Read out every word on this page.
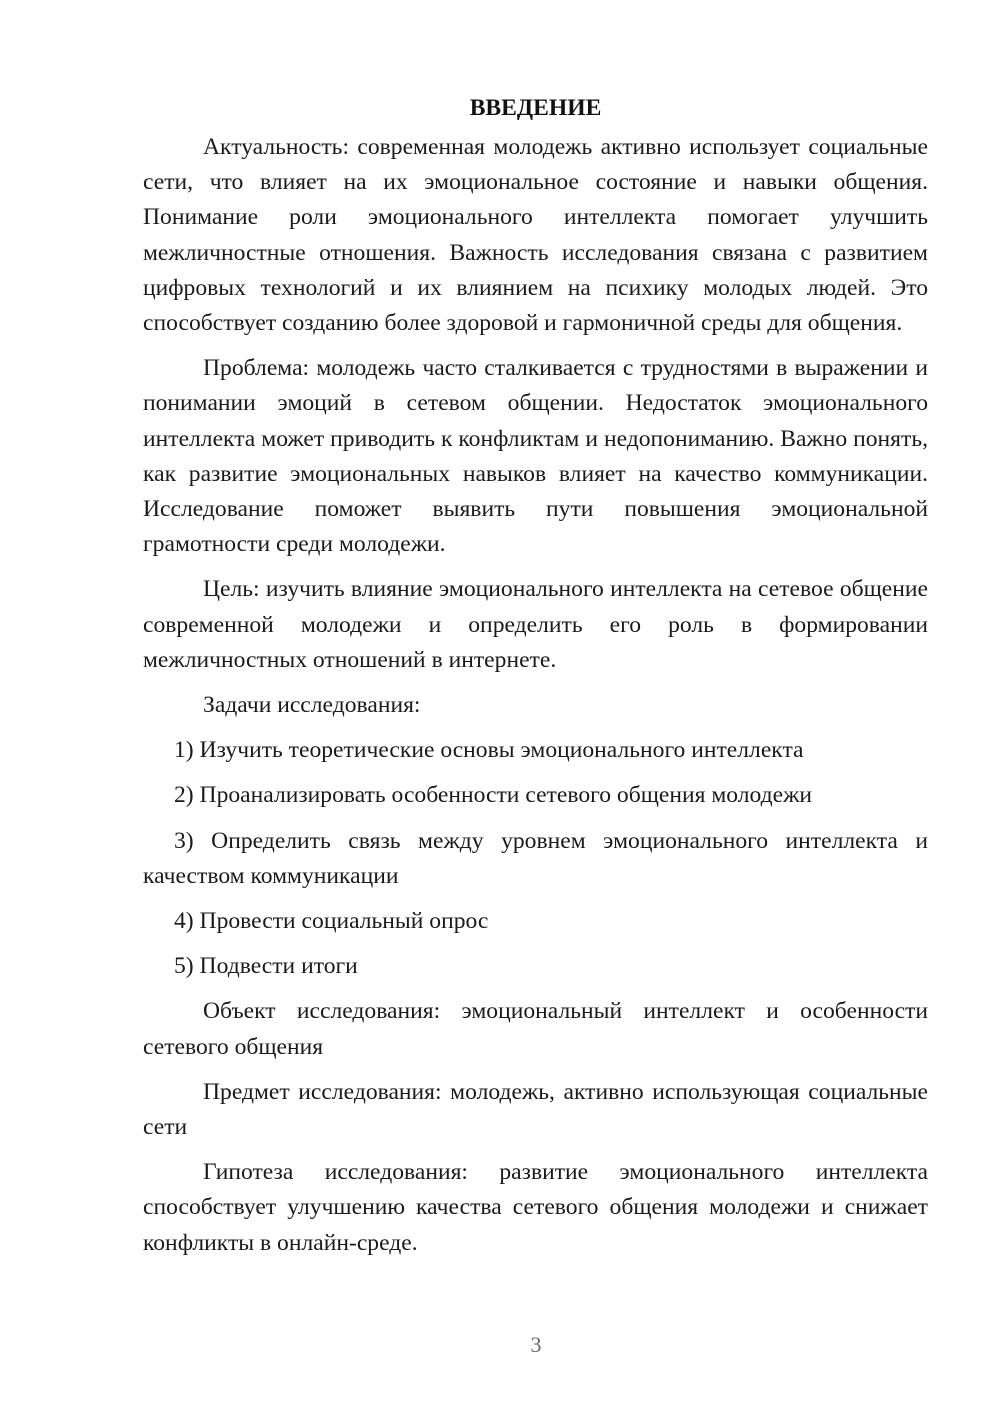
ВВЕДЕНИЕ

Актуальность: современная молодежь активно использует социальные сети, что влияет на их эмоциональное состояние и навыки общения. Понимание роли эмоционального интеллекта помогает улучшить межличностные отношения. Важность исследования связана с развитием цифровых технологий и их влиянием на психику молодых людей. Это способствует созданию более здоровой и гармоничной среды для общения.

Проблема: молодежь часто сталкивается с трудностями в выражении и понимании эмоций в сетевом общении. Недостаток эмоционального интеллекта может приводить к конфликтам и недопониманию. Важно понять, как развитие эмоциональных навыков влияет на качество коммуникации. Исследование поможет выявить пути повышения эмоциональной грамотности среди молодежи.

Цель: изучить влияние эмоционального интеллекта на сетевое общение современной молодежи и определить его роль в формировании межличностных отношений в интернете.

Задачи исследования:

1) Изучить теоретические основы эмоционального интеллекта

2) Проанализировать особенности сетевого общения молодежи

3) Определить связь между уровнем эмоционального интеллекта и качеством коммуникации

4) Провести социальный опрос

5) Подвести итоги

Объект исследования: эмоциональный интеллект и особенности сетевого общения

Предмет исследования: молодежь, активно использующая социальные сети

Гипотеза исследования: развитие эмоционального интеллекта способствует улучшению качества сетевого общения молодежи и снижает конфликты в онлайн-среде.

3
